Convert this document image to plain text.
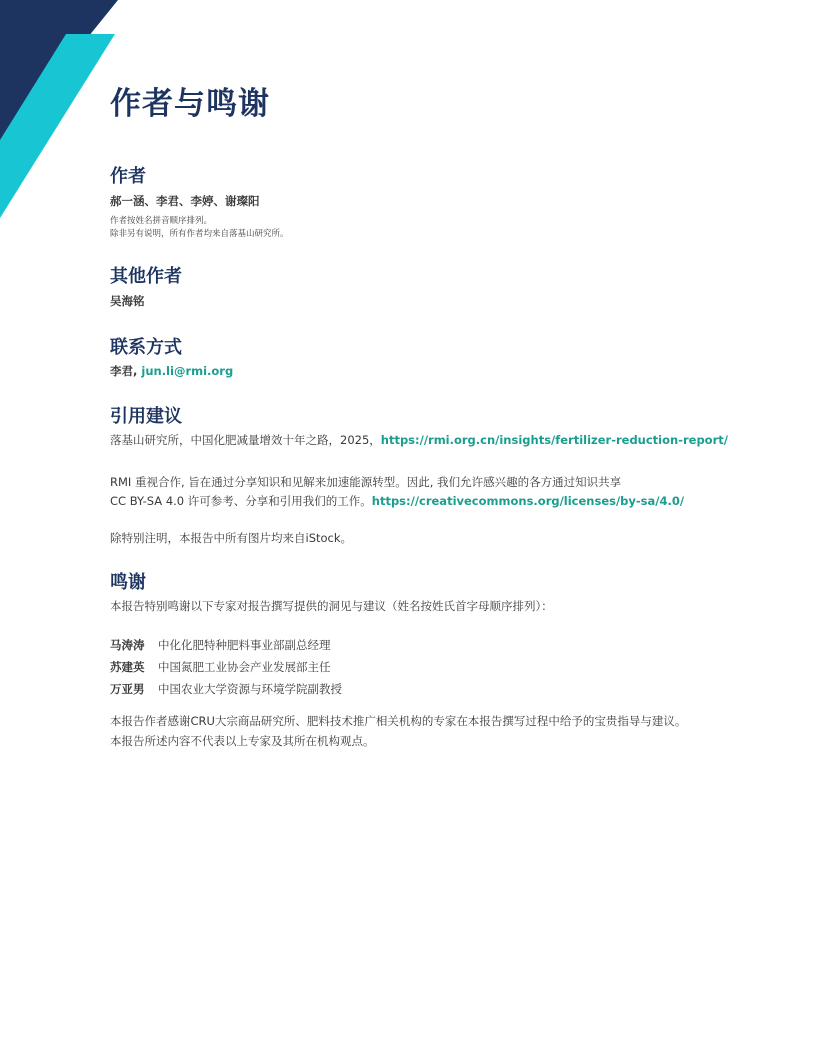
作者与鸣谢
作者
郝一涵、李君、李婷、谢璨阳
作者按姓名拼音顺序排列。
除非另有说明，所有作者均来自落基山研究所。
其他作者
吴海铭
联系方式
李君, jun.li@rmi.org
引用建议
落基山研究所，中国化肥减量增效十年之路，2025，https://rmi.org.cn/insights/fertilizer-reduction-report/
RMI 重视合作, 旨在通过分享知识和见解来加速能源转型。因此, 我们允许感兴趣的各方通过知识共享
CC BY-SA 4.0 许可参考、分享和引用我们的工作。https://creativecommons.org/licenses/by-sa/4.0/
除特别注明，本报告中所有图片均来自iStock。
鸣谢
本报告特别鸣谢以下专家对报告撰写提供的洞见与建议（姓名按姓氏首字母顺序排列）：
马涛涛 中化化肥特种肥料事业部副总经理
苏建英 中国氮肥工业协会产业发展部主任
万亚男 中国农业大学资源与环境学院副教授
本报告作者感谢CRU大宗商品研究所、肥料技术推广相关机构的专家在本报告撰写过程中给予的宝贵指导与建议。
本报告所述内容不代表以上专家及其所在机构观点。
